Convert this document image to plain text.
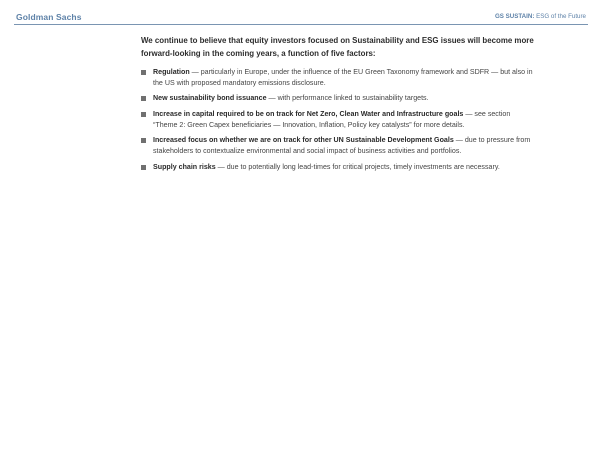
Goldman Sachs	GS SUSTAIN: ESG of the Future

We continue to believe that equity investors focused on Sustainability and ESG issues will become more
forward-looking in the coming years, a function of five factors:

Regulation — particularly in Europe, under the influence of the EU Green Taxonomy framework and SDFR — but also in
the US with proposed mandatory emissions disclosure.
New sustainability bond issuance — with performance linked to sustainability targets.
Increase in capital required to be on track for Net Zero, Clean Water and Infrastructure goals — see section
“Theme 2: Green Capex beneficiaries — Innovation, Inflation, Policy key catalysts” for more details.
Increased focus on whether we are on track for other UN Sustainable Development Goals — due to pressure from
stakeholders to contextualize environmental and social impact of business activities and portfolios.
Supply chain risks — due to potentially long lead-times for critical projects, timely investments are necessary.
